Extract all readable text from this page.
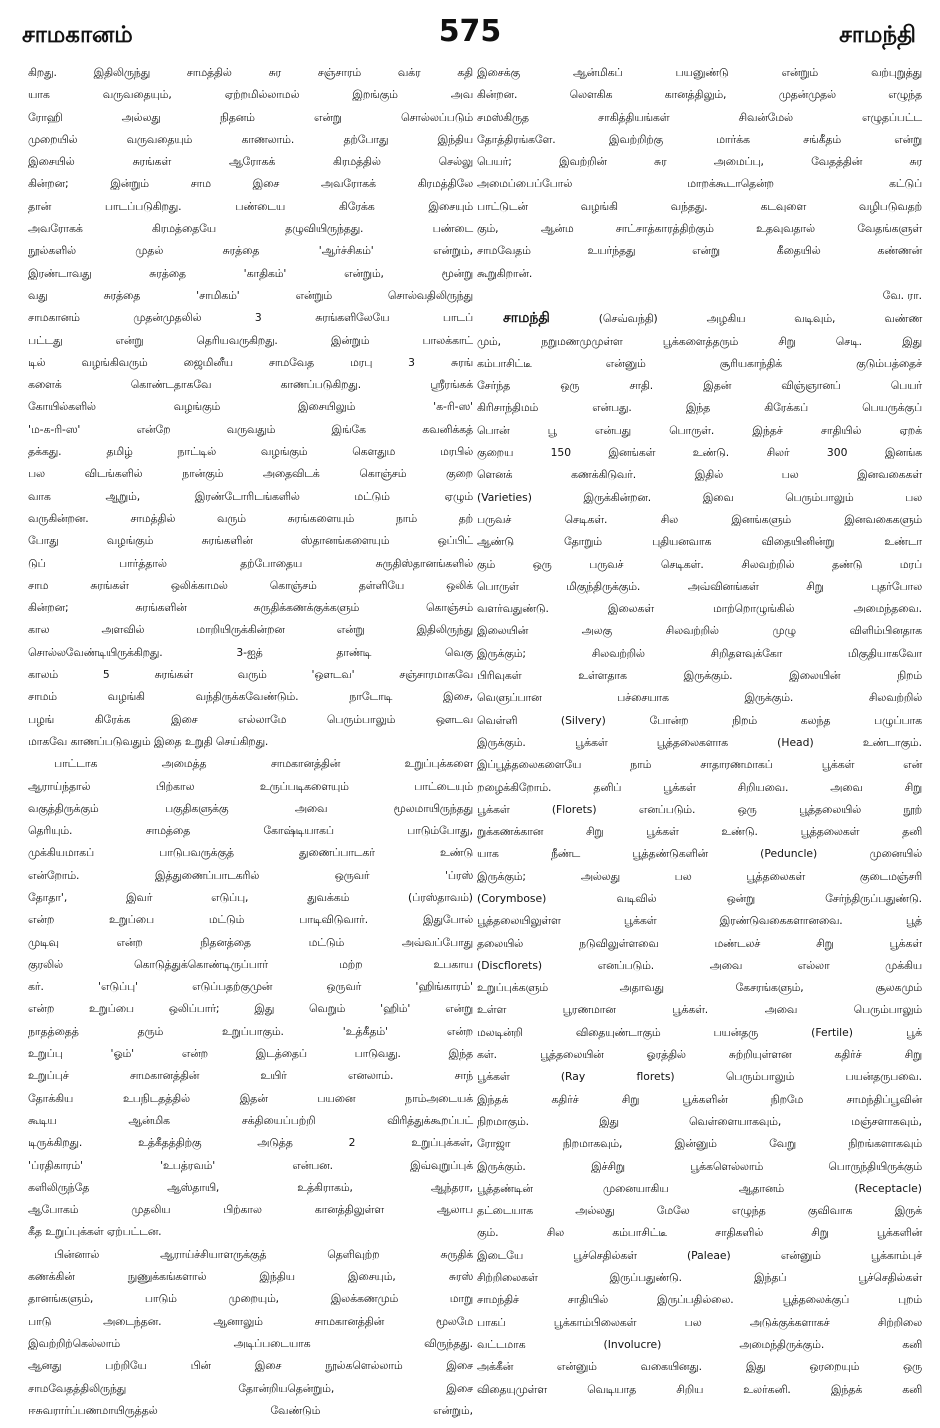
சாமகானம்	575	சாமந்தி
கிறது. இதிலிருந்து சாமத்தில் சுர சஞ்சாரம் வக்ர கதி
யாக வருவதையும், ஏற்றமில்லாமல் இறங்கும் அவ
ரோஹி அல்லது நிதனம் என்று சொல்லப்படும்
முறையில் வருவதையும் காணலாம். தற்போது இந்திய
இசையில் சுரங்கள் ஆரோகக் கிரமத்தில் செல்லு
கின்றன; இன்றும் சாம இசை அவரோகக் கிரமத்திலே
தான் பாடப்படுகிறது. பண்டைய கிரேக்க இசையும்
அவரோகக் கிரமத்தையே தழுவியிருந்தது. பண்டை
நூல்களில் முதல் சுரத்தை 'ஆர்ச்சிகம்' என்றும்,
இரண்டாவது சுரத்தை 'காதிகம்' என்றும், மூன்று
வது சுரத்தை 'சாமிகம்' என்றும் சொல்வதிலிருந்து
சாமகானம் முதன்முதலில் 3 சுரங்களிலேயே பாடப்
பட்டது என்று தெரியவருகிறது. இன்றும் பாலக்காட்
டில் வழங்கிவரும் ஜைமினீய சாமவேத மரபு 3 சுரங்
களைக் கொண்டதாகவே காணப்படுகிறது. ஸ்ரீரங்கக்
கோயில்களில் வழங்கும் இசையிலும் 'க-ரி-ஸ'
'ம-க-ரி-ஸ' என்றே வருவதும் இங்கே கவனிக்கத்
தக்கது. தமிழ் நாட்டில் வழங்கும் கௌதும மரபில்
பல விடங்களில் நான்கும் அதைவிடக் கொஞ்சம் குறை
வாக ஆறும், இரண்டோரிடங்களில் மட்டும் ஏழும்
வருகின்றன. சாமத்தில் வரும் சுரங்களையும் நாம் தற்
போது வழங்கும் சுரங்களின் ஸ்தானங்களையும் ஒப்பிட்
டுப் பார்த்தால் தற்போதைய சுருதிஸ்தானங்களில்
சாம சுரங்கள் ஒலிக்காமல் கொஞ்சம் தள்ளியே ஒலிக்
கின்றன; சுரங்களின் சுருதிக்கணக்குக்களும் கொஞ்சம்
கால அளவில் மாறியிருக்கின்றன என்று இதிலிருந்து
சொல்லவேண்டியிருக்கிறது. 3-ஐத் தாண்டி வெகு
காலம் 5 சுரங்கள் வரும் 'ஔடவ' சஞ்சாரமாகவே
சாமம் வழங்கி வந்திருக்கவேண்டும். நாடோடி இசை,
பழங் கிரேக்க இசை எல்லாமே பெரும்பாலும் ஔடவ
மாகவே காணப்படுவதும் இதை உறுதி செய்கிறது.
பாட்டாக அமைத்த சாமகானத்தின் உறுப்புக்களை
ஆராய்ந்தால் பிற்கால உருப்படிகளையும் பாட்டையும்
வகுத்திருக்கும் பகுதிகளுக்கு அவை மூலமாயிருந்தது
தெரியும். சாமத்தை கோஷ்டியாகப் பாடும்போது,
முக்கியமாகப் பாடுபவருக்குத் துணைப்பாடகர் உண்டு
என்றோம். இத்துணைப்பாடகரில் ஒருவர் 'ப்ரஸ்
தோதா', இவர் எடுப்பு, துவக்கம் (ப்ரஸ்தாவம்)
என்ற உறுப்பை மட்டும் பாடிவிடுவார். இதுபோல்
முடிவு என்ற நிதனத்தை மட்டும் அவ்வப்போது
குரலில் கொடுத்துக்கொண்டிருப்பார் மற்ற உபகாய
கர். 'எடுப்பு' எடுப்பதற்குமுன் ஒருவர் 'ஹிங்காரம்'
என்ற உறுப்பை ஒலிப்பார்; இது வெறும் 'ஹிம்' என்று
நாதத்தைத் தரும் உறுப்பாகும். 'உத்கீதம்' என்ற
உறுப்பு 'ஓம்' என்ற இடத்தைப் பாடுவது. இந்த
உறுப்புச் சாமகானத்தின் உயிர் எனலாம். சாந்
தோக்கிய உபநிடதத்தில் இதன் பயனை நாம்அடையக்
கூடிய ஆன்மிக சக்தியைப்பற்றி விரித்துக்கூறப்பட்
டிருக்கிறது. உத்கீதத்திற்கு அடுத்த 2 உறுப்புக்கள்,
'ப்ரதிகாரம்' 'உபத்ரவம்' என்பன. இவ்வுறுப்புக்
களிலிருந்தே ஆஸ்தாயி, உத்கிராகம், ஆந்தரா,
ஆபோகம் முதலிய பிற்கால கானத்திலுள்ள ஆலாப
கீத உறுப்புக்கள் ஏற்பட்டன.
பின்னால் ஆராய்ச்சியாளருக்குத் தெளிவுற்ற சுருதிக்
கணக்கின் நுணுக்கங்களால் இந்திய இசையும், சுரஸ்
தானங்களும், பாடும் முறையும், இலக்கணமும் மாறு
பாடு அடைந்தன. ஆனாலும் சாமகானத்தின் மூலமே
இவற்றிற்கெல்லாம் அடிப்படையாக விருந்தது.
ஆனது பற்றியே பின் இசை நூல்களெல்லாம் இசை
சாமவேதத்திலிருந்து தோன்றியதென்றும், இசை
ஈசுவரார்ப்பணமாயிருத்தல் வேண்டும் என்றும்,
இசைக்கு ஆன்மிகப் பயனுண்டு என்றும் வற்புறுத்து
கின்றன. லௌகிக கானத்திலும், முதன்முதல் எழுந்த
சமஸ்கிருத சாகித்தியங்கள் சிவன்மேல் எழுதப்பட்ட
தோத்திரங்களே. இவற்றிற்கு மார்க்க சங்கீதம் என்று
பெயர்; இவற்றின் சுர அமைப்பு, வேதத்தின் சுர
அமைப்பைப்போல் மாறக்கூடாதென்ற கட்டுப்
பாட்டுடன் வழங்கி வந்தது. கடவுளை வழிபடுவதற்
கும், ஆன்ம சாட்சாத்காரத்திற்கும் உதவுவதால் வேதங்களுள்
சாமவேதம் உயர்ந்தது என்று கீதையில் கண்ணன்
கூறுகிறான்.
வே. ரா.
சாமந்தி (செவ்வந்தி) அழகிய வடிவும், வண்ண
மும், நறுமணமுமுள்ள பூக்களைத்தரும் சிறு செடி. இது
கம்பாசிட்டீ என்னும் சூரியகாந்திக் குடும்பத்தைச்
சேர்ந்த ஒரு சாதி. இதன் விஞ்ஞானப் பெயர்
கிரிசாந்திமம் என்பது. இந்த கிரேக்கப் பெயருக்குப்
பொன் பூ என்பது பொருள். இந்தச் சாதியில் ஏறக்
குறைய 150 இனங்கள் உண்டு. சிலர் 300 இனங்க
ளெனக் கணக்கிடுவர். இதில் பல இனவகைகள்
(Varieties) இருக்கின்றன. இவை பெரும்பாலும் பல
பருவச் செடிகள். சில இனங்களும் இனவகைகளும்
ஆண்டு தோறும் புதியனவாக விதையினின்று உண்டா
கும் ஒரு பருவச் செடிகள். சிலவற்றில் தண்டு மரப்
பொருள் மிகுந்திருக்கும். அவ்வினங்கள் சிறு புதர்போல
வளர்வதுண்டு. இலைகள் மாற்றொழுங்கில் அமைந்தவை.
இலையின் அலகு சிலவற்றில் முழு விளிம்பினதாக
இருக்கும்; சிலவற்றில் சிறிதளவுக்கோ மிகுதியாகவோ
பிரிவுகள் உள்ளதாக இருக்கும். இலையின் நிறம்
வெளுப்பான பச்சையாக இருக்கும். சிலவற்றில்
வெள்ளி (Silvery) போன்ற நிறம் கலந்த பழுப்பாக
இருக்கும். பூக்கள் பூத்தலைகளாக (Head) உண்டாகும்.
இப்பூத்தலைகளையே நாம் சாதாரணமாகப் பூக்கள் என்
றழைக்கிறோம். தனிப் பூக்கள் சிறியவை. அவை சிறு
பூக்கள் (Florets) எனப்படும். ஒரு பூத்தலையில் நூற்
றுக்கணக்கான சிறு பூக்கள் உண்டு. பூத்தலைகள் தனி
யாக நீண்ட பூத்தண்டுகளின் (Peduncle) முனையில்
இருக்கும்; அல்லது பல பூத்தலைகள் குடைமஞ்சரி
(Corymbose) வடிவில் ஒன்று சேர்ந்திருப்பதுண்டு.
பூத்தலையிலுள்ள பூக்கள் இரண்டுவகைகளானவை. பூத்
தலையில் நடுவிலுள்ளவை மண்டலச் சிறு பூக்கள்
(Discflorets) எனப்படும். அவை எல்லா முக்கிய
உறுப்புக்களும் அதாவது கேசரங்களும், சூலகமும்
உள்ள பூரணமான பூக்கள். அவை பெரும்பாலும்
மலடின்றி விதையுண்டாகும் பயன்தரு (Fertile) பூக்
கள். பூத்தலையின் ஓரத்தில் சுற்றியுள்ளன கதிர்ச் சிறு
பூக்கள் (Ray florets) பெரும்பாலும் பயன்தருபவை.
இந்தக் கதிர்ச் சிறு பூக்களின் நிறமே சாமந்திப்பூவின்
நிறமாகும். இது வெள்ளையாகவும், மஞ்சளாகவும்,
ரோஜா நிறமாகவும், இன்னும் வேறு நிறங்களாகவும்
இருக்கும். இச்சிறு பூக்களெல்லாம் பொருந்தியிருக்கும்
பூத்தண்டின் முனையாகிய ஆதானம் (Receptacle)
தட்டையாக அல்லது மேலே எழுந்த குவிவாக இருக்
கும். சில கம்பாசிட்டீ சாதிகளில் சிறு பூக்களின்
இடையே பூச்செதில்கள் (Paleae) என்னும் பூக்காம்புச்
சிற்றிலைகள் இருப்பதுண்டு. இந்தப் பூச்செதில்கள்
சாமந்திச் சாதியில் இருப்பதில்லை. பூத்தலைக்குப் புறம்
பாகப் பூக்காம்பிலைகள் பல அடுக்குக்களாகச் சிற்றிலை
வட்டமாக (Involucre) அமைந்திருக்கும். கனி
அக்கீன் என்னும் வகையினது. இது ஒரறையும் ஒரு
விதையுமுள்ள வெடியாத சிறிய உலர்கனி. இந்தக் கனி
